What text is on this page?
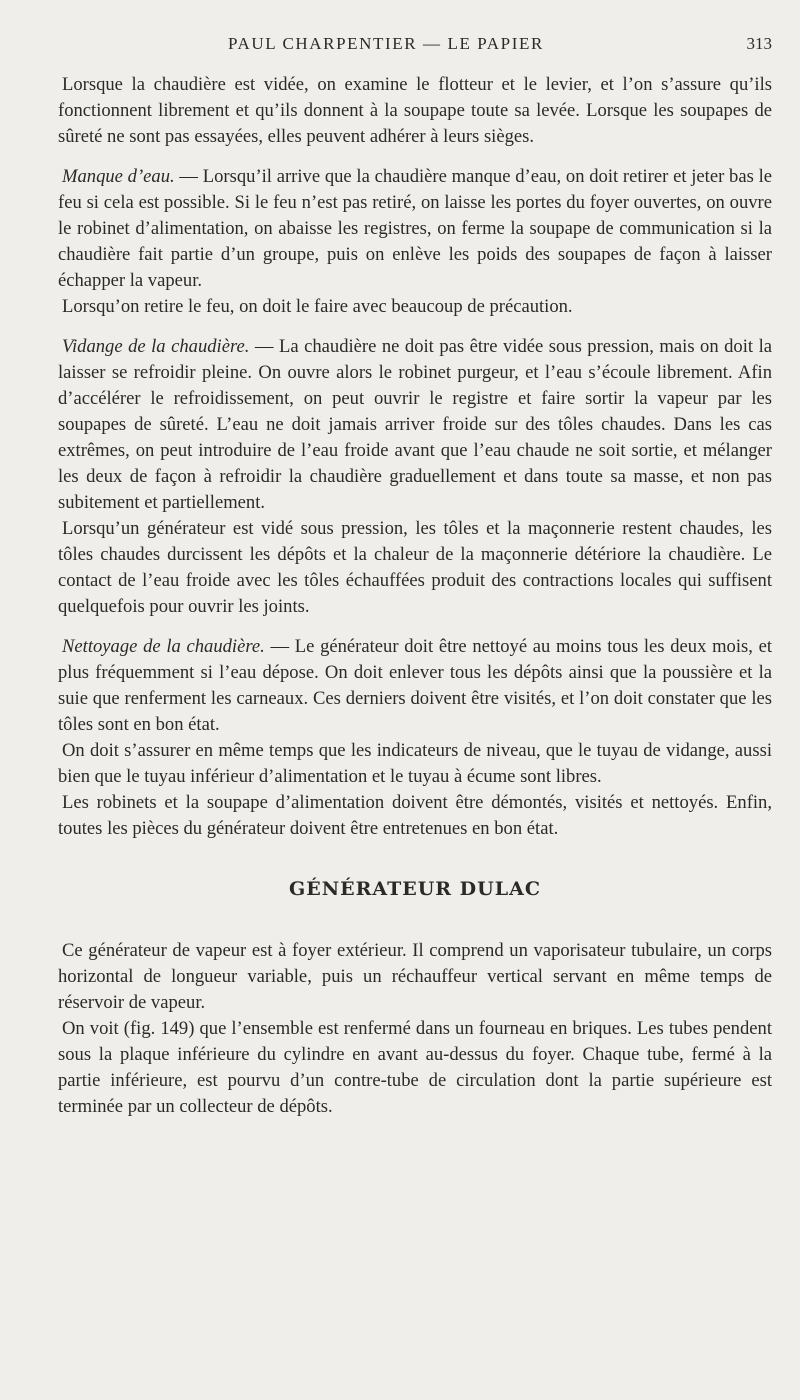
PAUL CHARPENTIER — LE PAPIER	313

Lorsque la chaudière est vidée, on examine le flotteur et le levier, et l’on s’assure qu’ils fonctionnent librement et qu’ils donnent à la soupape toute sa levée. Lorsque les soupapes de sûreté ne sont pas essayées, elles peuvent adhérer à leurs sièges.

Manque d’eau. — Lorsqu’il arrive que la chaudière manque d’eau, on doit retirer et jeter bas le feu si cela est possible. Si le feu n’est pas retiré, on laisse les portes du foyer ouvertes, on ouvre le robinet d’alimentation, on abaisse les registres, on ferme la soupape de communication si la chaudière fait partie d’un groupe, puis on enlève les poids des soupapes de façon à laisser échapper la vapeur.

Lorsqu’on retire le feu, on doit le faire avec beaucoup de précaution.

Vidange de la chaudière. — La chaudière ne doit pas être vidée sous pression, mais on doit la laisser se refroidir pleine. On ouvre alors le robinet purgeur, et l’eau s’écoule librement. Afin d’accélérer le refroidissement, on peut ouvrir le registre et faire sortir la vapeur par les soupapes de sûreté. L’eau ne doit jamais arriver froide sur des tôles chaudes. Dans les cas extrêmes, on peut introduire de l’eau froide avant que l’eau chaude ne soit sortie, et mélanger les deux de façon à refroidir la chaudière graduellement et dans toute sa masse, et non pas subitement et partiellement.

Lorsqu’un générateur est vidé sous pression, les tôles et la maçonnerie restent chaudes, les tôles chaudes durcissent les dépôts et la chaleur de la maçonnerie détériore la chaudière. Le contact de l’eau froide avec les tôles échauffées produit des contractions locales qui suffisent quelquefois pour ouvrir les joints.

Nettoyage de la chaudière. — Le générateur doit être nettoyé au moins tous les deux mois, et plus fréquemment si l’eau dépose. On doit enlever tous les dépôts ainsi que la poussière et la suie que renferment les carneaux. Ces derniers doivent être visités, et l’on doit constater que les tôles sont en bon état.

On doit s’assurer en même temps que les indicateurs de niveau, que le tuyau de vidange, aussi bien que le tuyau inférieur d’alimentation et le tuyau à écume sont libres.

Les robinets et la soupape d’alimentation doivent être démontés, visités et nettoyés. Enfin, toutes les pièces du générateur doivent être entretenues en bon état.

GÉNÉRATEUR DULAC

Ce générateur de vapeur est à foyer extérieur. Il comprend un vaporisateur tubulaire, un corps horizontal de longueur variable, puis un réchauffeur vertical servant en même temps de réservoir de vapeur.

On voit (fig. 149) que l’ensemble est renfermé dans un fourneau en briques. Les tubes pendent sous la plaque inférieure du cylindre en avant au-dessus du foyer. Chaque tube, fermé à la partie inférieure, est pourvu d’un contre-tube de circulation dont la partie supérieure est terminée par un collecteur de dépôts.
